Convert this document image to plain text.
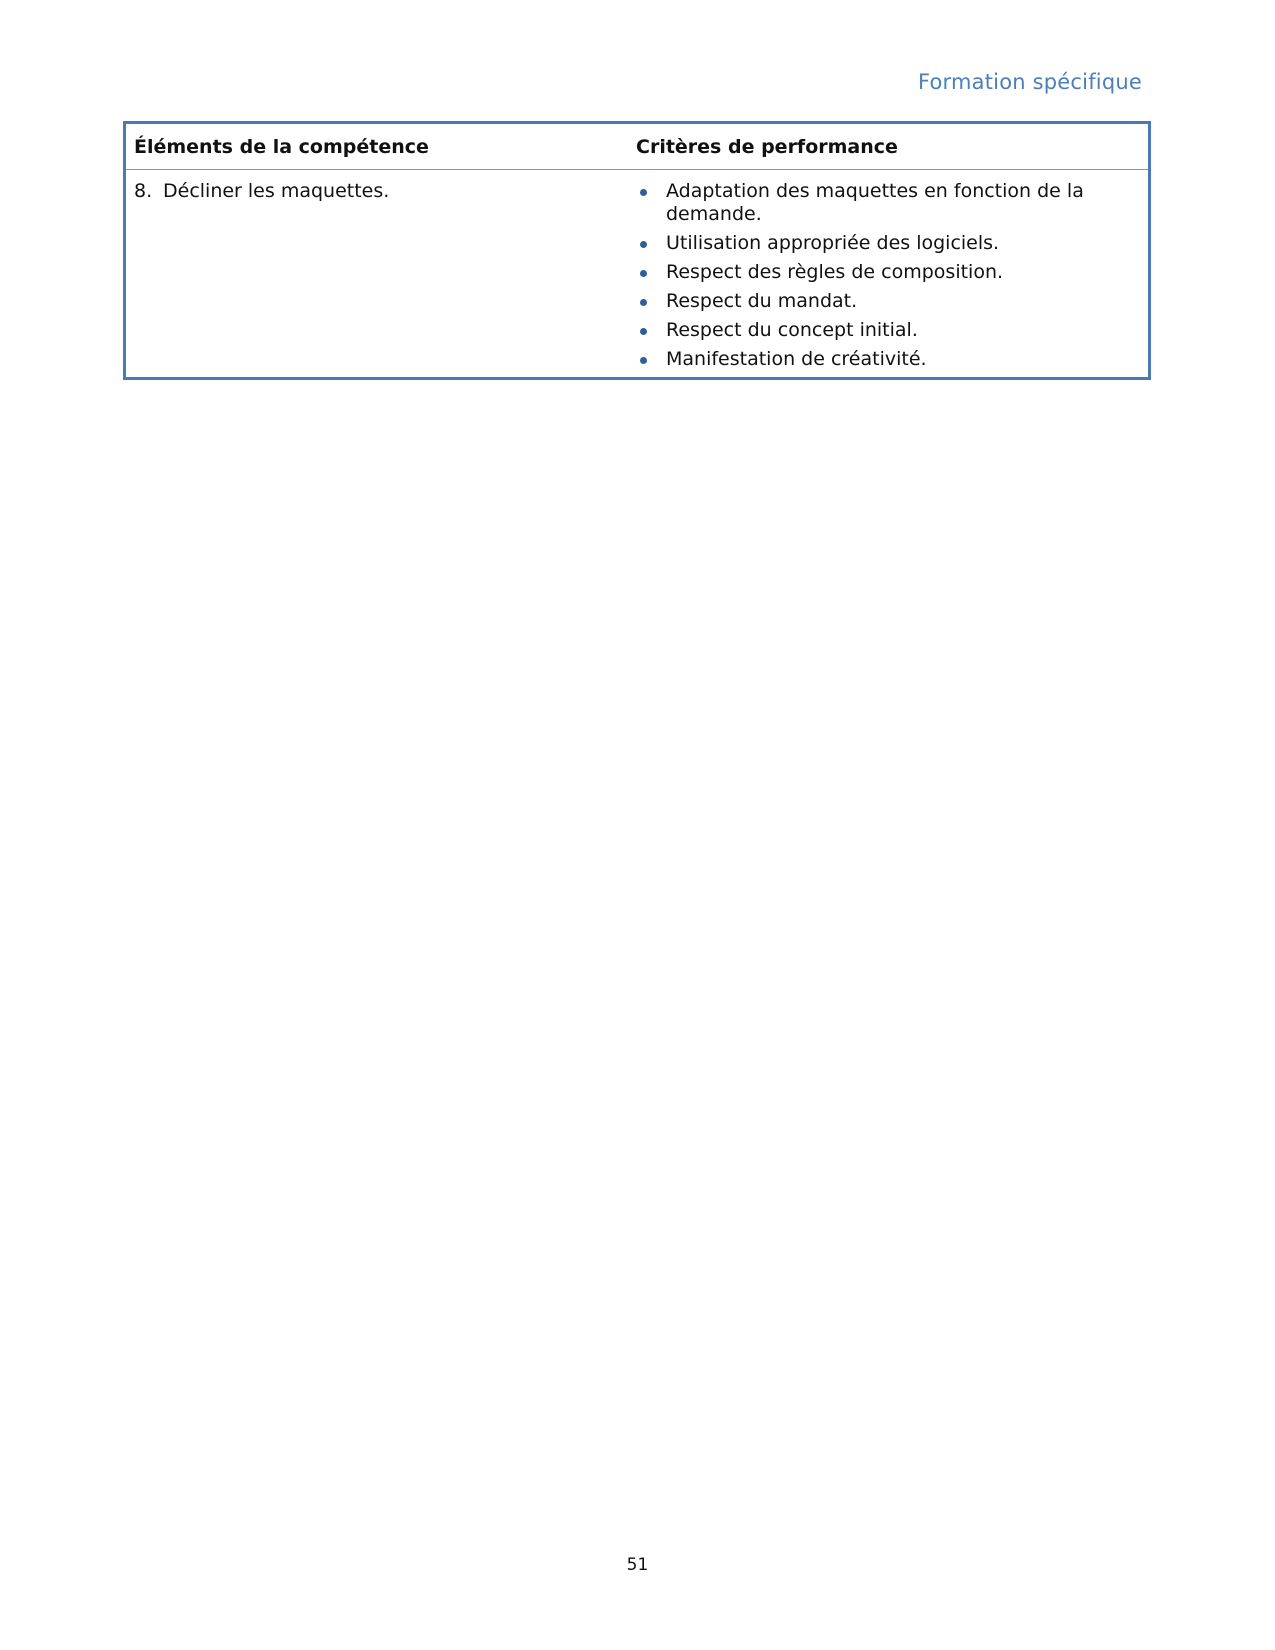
Formation spécifique
Éléments de la compétence	Critères de performance
8. Décliner les maquettes.	Adaptation des maquettes en fonction de la demande.
Utilisation appropriée des logiciels.
Respect des règles de composition.
Respect du mandat.
Respect du concept initial.
Manifestation de créativité.
51
